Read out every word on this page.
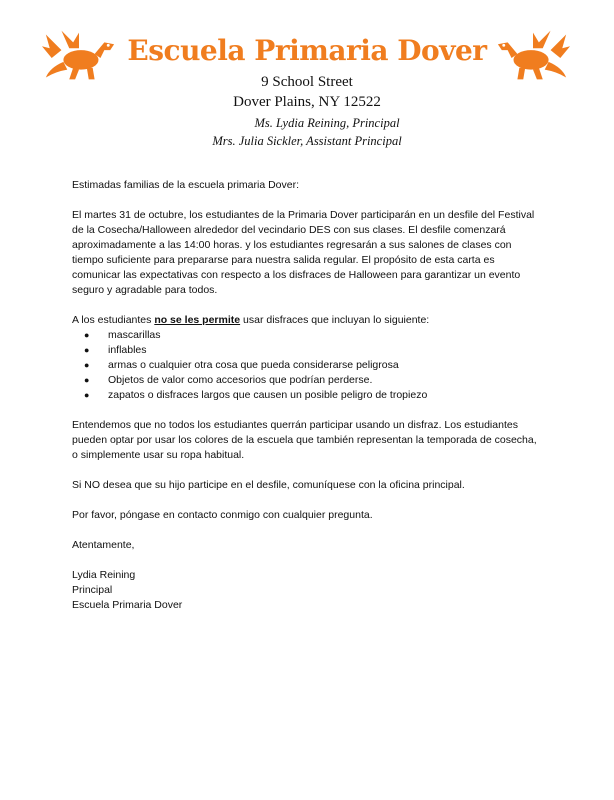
Escuela Primaria Dover
9 School Street
Dover Plains, NY 12522
Ms. Lydia Reining, Principal
Mrs. Julia Sickler, Assistant Principal

Estimadas familias de la escuela primaria Dover:

El martes 31 de octubre, los estudiantes de la Primaria Dover participarán en un desfile del Festival de la Cosecha/Halloween alrededor del vecindario DES con sus clases. El desfile comenzará aproximadamente a las 14:00 horas. y los estudiantes regresarán a sus salones de clases con tiempo suficiente para prepararse para nuestra salida regular. El propósito de esta carta es comunicar las expectativas con respecto a los disfraces de Halloween para garantizar un evento seguro y agradable para todos.

A los estudiantes no se les permite usar disfraces que incluyan lo siguiente:

● mascarillas
● inflables
● armas o cualquier otra cosa que pueda considerarse peligrosa
● Objetos de valor como accesorios que podrían perderse.
● zapatos o disfraces largos que causen un posible peligro de tropiezo

Entendemos que no todos los estudiantes querrán participar usando un disfraz. Los estudiantes pueden optar por usar los colores de la escuela que también representan la temporada de cosecha, o simplemente usar su ropa habitual.

Si NO desea que su hijo participe en el desfile, comuníquese con la oficina principal.

Por favor, póngase en contacto conmigo con cualquier pregunta.

Atentamente,

Lydia Reining

Principal

Escuela Primaria Dover
